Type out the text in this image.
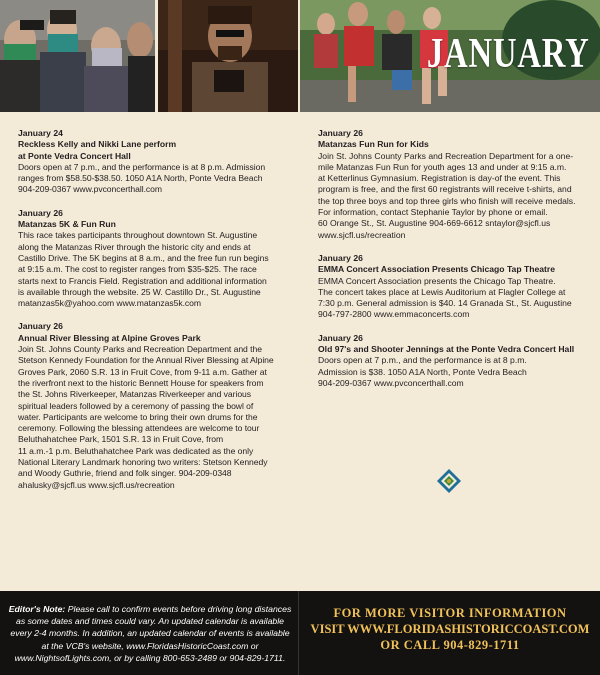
JANUARY
January 24
Reckless Kelly and Nikki Lane perform
at Ponte Vedra Concert Hall
Doors open at 7 p.m., and the performance is at 8 p.m. Admission
ranges from $58.50-$38.50. 1050 A1A North, Ponte Vedra Beach
904-209-0367 www.pvconcerthall.com
January 26
Matanzas 5K & Fun Run
This race takes participants throughout downtown St. Augustine
along the Matanzas River through the historic city and ends at
Castillo Drive. The 5K begins at 8 a.m., and the free fun run begins
at 9:15 a.m. The cost to register ranges from $35-$25. The race
starts next to Francis Field. Registration and additional information
is available through the website. 25 W. Castillo Dr., St. Augustine
matanzas5k@yahoo.com www.matanzas5k.com
January 26
Annual River Blessing at Alpine Groves Park
Join St. Johns County Parks and Recreation Department and the
Stetson Kennedy Foundation for the Annual River Blessing at Alpine
Groves Park, 2060 S.R. 13 in Fruit Cove, from 9-11 a.m. Gather at
the riverfront next to the historic Bennett House for speakers from
the St. Johns Riverkeeper, Matanzas Riverkeeper and various
spiritual leaders followed by a ceremony of passing the bowl of
water. Participants are welcome to bring their own drums for the
ceremony. Following the blessing attendees are welcome to tour
Beluthahatchee Park, 1501 S.R. 13 in Fruit Cove, from
11 a.m.-1 p.m. Beluthahatchee Park was dedicated as the only
National Literary Landmark honoring two writers: Stetson Kennedy
and Woody Guthrie, friend and folk singer. 904-209-0348
ahalusky@sjcfl.us www.sjcfl.us/recreation
January 26
Matanzas Fun Run for Kids
Join St. Johns County Parks and Recreation Department for a one-
mile Matanzas Fun Run for youth ages 13 and under at 9:15 a.m.
at Ketterlinus Gymnasium. Registration is day-of the event. This
program is free, and the first 60 registrants will receive t-shirts, and
the top three boys and top three girls who finish will receive medals.
For information, contact Stephanie Taylor by phone or email.
60 Orange St., St. Augustine 904-669-6612 sntaylor@sjcfl.us
www.sjcfl.us/recreation
January 26
EMMA Concert Association Presents Chicago Tap Theatre
EMMA Concert Association presents the Chicago Tap Theatre.
The concert takes place at Lewis Auditorium at Flagler College at
7:30 p.m. General admission is $40. 14 Granada St., St. Augustine
904-797-2800 www.emmaconcerts.com
January 26
Old 97's and Shooter Jennings at the Ponte Vedra Concert Hall
Doors open at 7 p.m., and the performance is at 8 p.m.
Admission is $38. 1050 A1A North, Ponte Vedra Beach
904-209-0367 www.pvconcerthall.com
Editor's Note: Please call to confirm events before driving long distances as some dates and times could vary. An updated calendar is available every 2-4 months. In addition, an updated calendar of events is available at the VCB's website, www.FloridasHistoricCoast.com or www.NightsofLights.com, or by calling 800-653-2489 or 904-829-1711.
FOR MORE VISITOR INFORMATION
VISIT WWW.FLORIDASHISTORICCOAST.COM
OR CALL 904-829-1711
